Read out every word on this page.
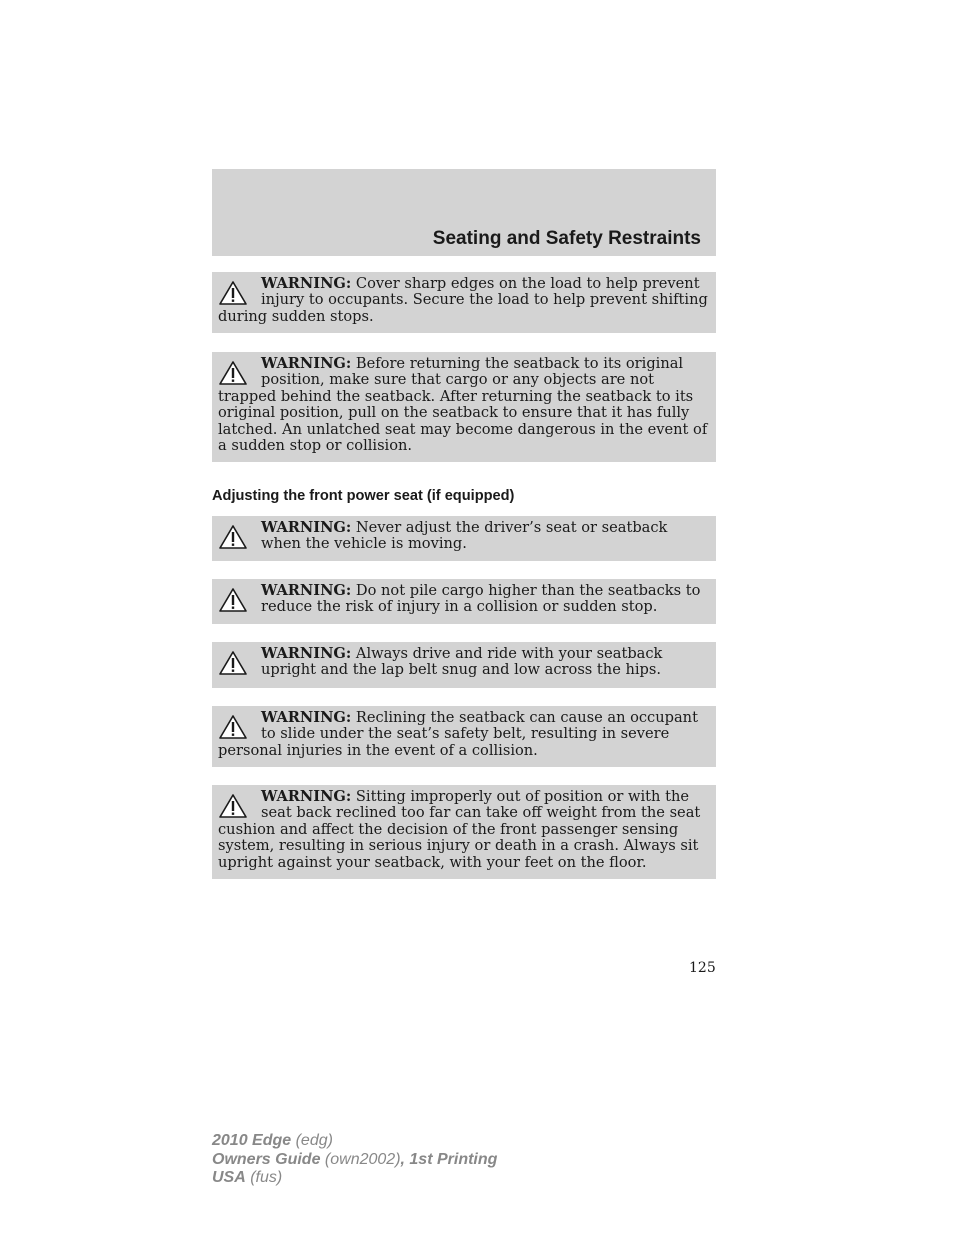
Seating and Safety Restraints
WARNING: Cover sharp edges on the load to help prevent injury to occupants. Secure the load to help prevent shifting during sudden stops.
WARNING: Before returning the seatback to its original position, make sure that cargo or any objects are not trapped behind the seatback. After returning the seatback to its original position, pull on the seatback to ensure that it has fully latched. An unlatched seat may become dangerous in the event of a sudden stop or collision.
Adjusting the front power seat (if equipped)
WARNING: Never adjust the driver’s seat or seatback when the vehicle is moving.
WARNING: Do not pile cargo higher than the seatbacks to reduce the risk of injury in a collision or sudden stop.
WARNING: Always drive and ride with your seatback upright and the lap belt snug and low across the hips.
WARNING: Reclining the seatback can cause an occupant to slide under the seat’s safety belt, resulting in severe personal injuries in the event of a collision.
WARNING: Sitting improperly out of position or with the seat back reclined too far can take off weight from the seat cushion and affect the decision of the front passenger sensing system, resulting in serious injury or death in a crash. Always sit upright against your seatback, with your feet on the floor.
125
2010 Edge (edg)
Owners Guide (own2002), 1st Printing
USA (fus)
